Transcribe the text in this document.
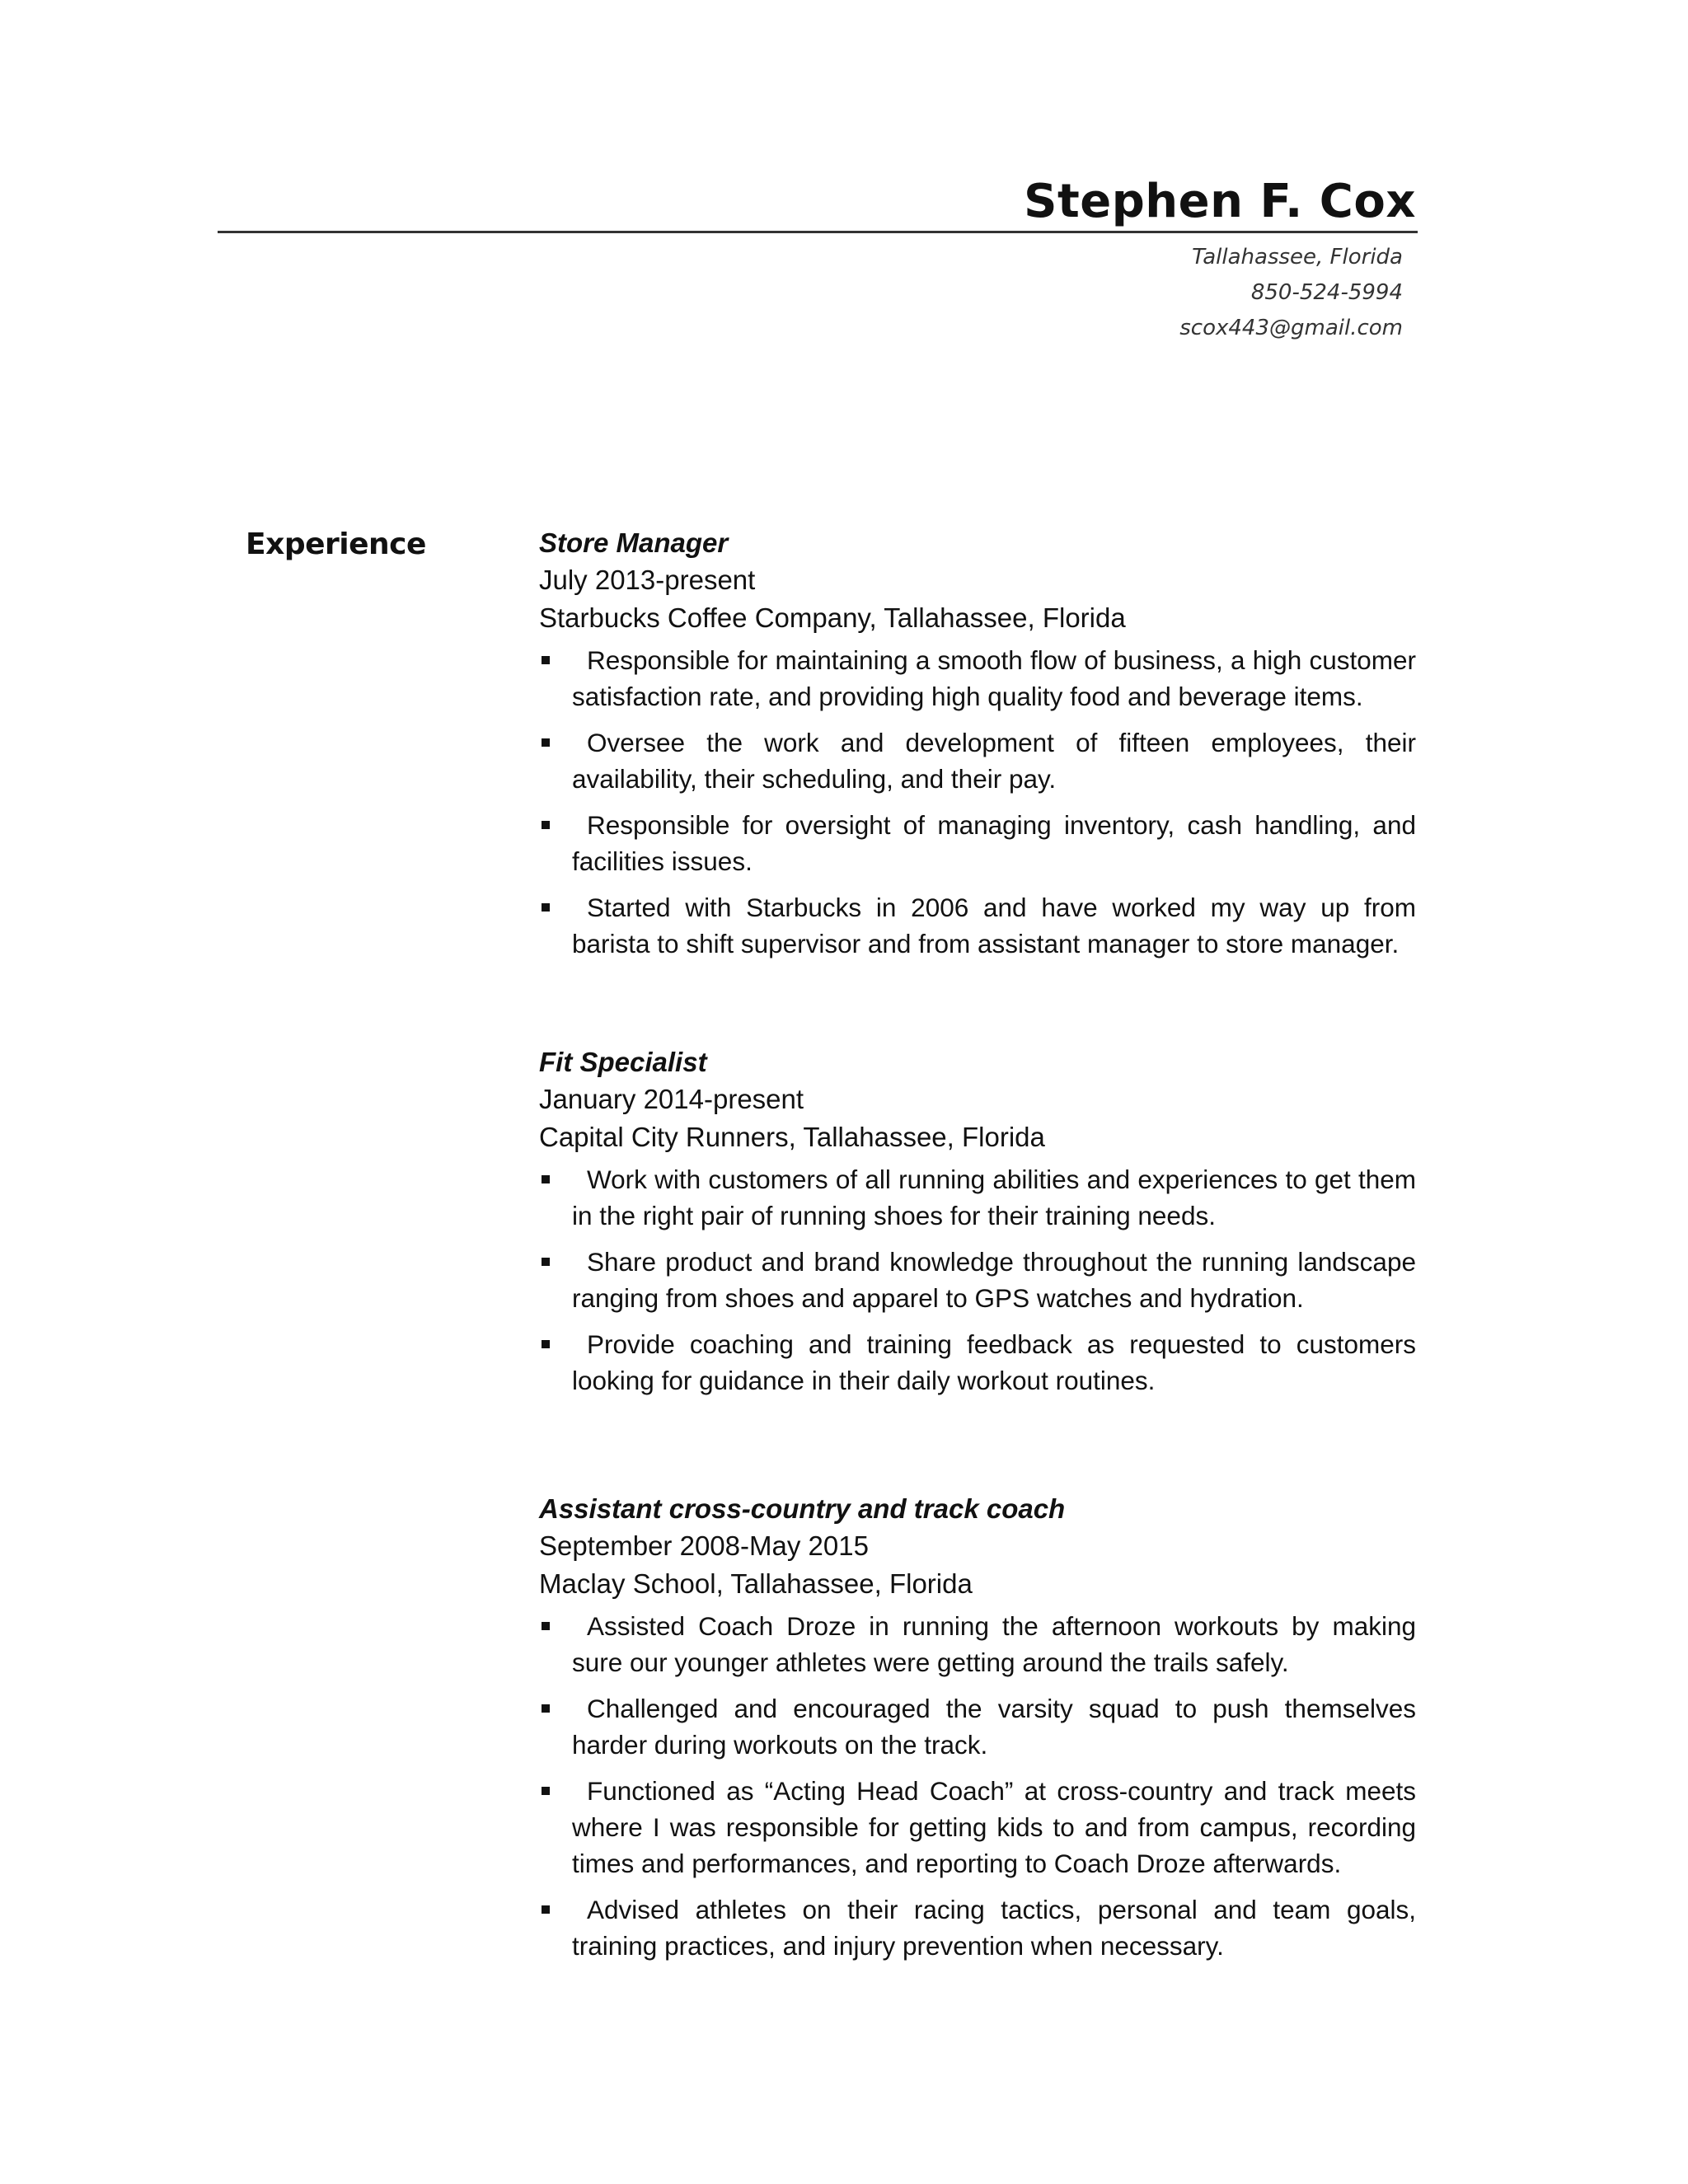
Stephen F. Cox
Tallahassee, Florida
850-524-5994
scox443@gmail.com
Experience	Store Manager

July 2013-present

Starbucks Coffee Company, Tallahassee, Florida

Responsible for maintaining a smooth flow of business, a high customer satisfaction rate, and providing high quality food and beverage items.
Oversee the work and development of fifteen employees, their availability, their scheduling, and their pay.
Responsible for oversight of managing inventory, cash handling, and facilities issues.
Started with Starbucks in 2006 and have worked my way up from barista to shift supervisor and from assistant manager to store manager.

Fit Specialist

January 2014-present

Capital City Runners, Tallahassee, Florida

Work with customers of all running abilities and experiences to get them in the right pair of running shoes for their training needs.
Share product and brand knowledge throughout the running landscape ranging from shoes and apparel to GPS watches and hydration.
Provide coaching and training feedback as requested to customers looking for guidance in their daily workout routines.

Assistant cross-country and track coach

September 2008-May 2015

Maclay School, Tallahassee, Florida

Assisted Coach Droze in running the afternoon workouts by making sure our younger athletes were getting around the trails safely.
Challenged and encouraged the varsity squad to push themselves harder during workouts on the track.
Functioned as “Acting Head Coach” at cross-country and track meets where I was responsible for getting kids to and from campus, recording times and performances, and reporting to Coach Droze afterwards.
Advised athletes on their racing tactics, personal and team goals, training practices, and injury prevention when necessary.
